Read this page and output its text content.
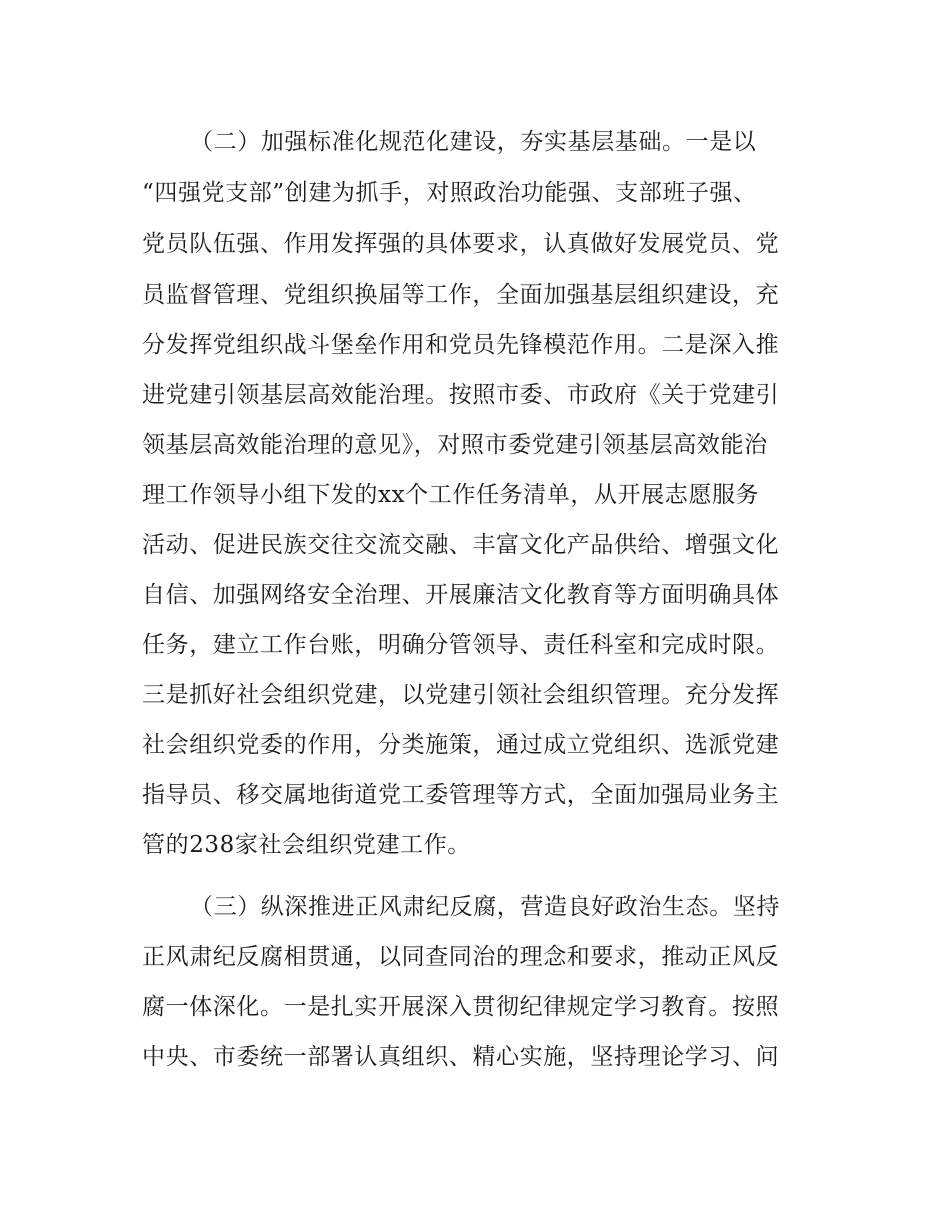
（二）加强标准化规范化建设，夯实基层基础。一是以
“四强党支部”创建为抓手，对照政治功能强、支部班子强、
党员队伍强、作用发挥强的具体要求，认真做好发展党员、党
员监督管理、党组织换届等工作，全面加强基层组织建设，充
分发挥党组织战斗堡垒作用和党员先锋模范作用。二是深入推
进党建引领基层高效能治理。按照市委、市政府《关于党建引
领基层高效能治理的意见》，对照市委党建引领基层高效能治
理工作领导小组下发的xx个工作任务清单，从开展志愿服务
活动、促进民族交往交流交融、丰富文化产品供给、增强文化
自信、加强网络安全治理、开展廉洁文化教育等方面明确具体
任务，建立工作台账，明确分管领导、责任科室和完成时限。
三是抓好社会组织党建，以党建引领社会组织管理。充分发挥
社会组织党委的作用，分类施策，通过成立党组织、选派党建
指导员、移交属地街道党工委管理等方式，全面加强局业务主
管的238家社会组织党建工作。
（三）纵深推进正风肃纪反腐，营造良好政治生态。坚持
正风肃纪反腐相贯通，以同查同治的理念和要求，推动正风反
腐一体深化。一是扎实开展深入贯彻纪律规定学习教育。按照
中央、市委统一部署认真组织、精心实施，坚持理论学习、问
